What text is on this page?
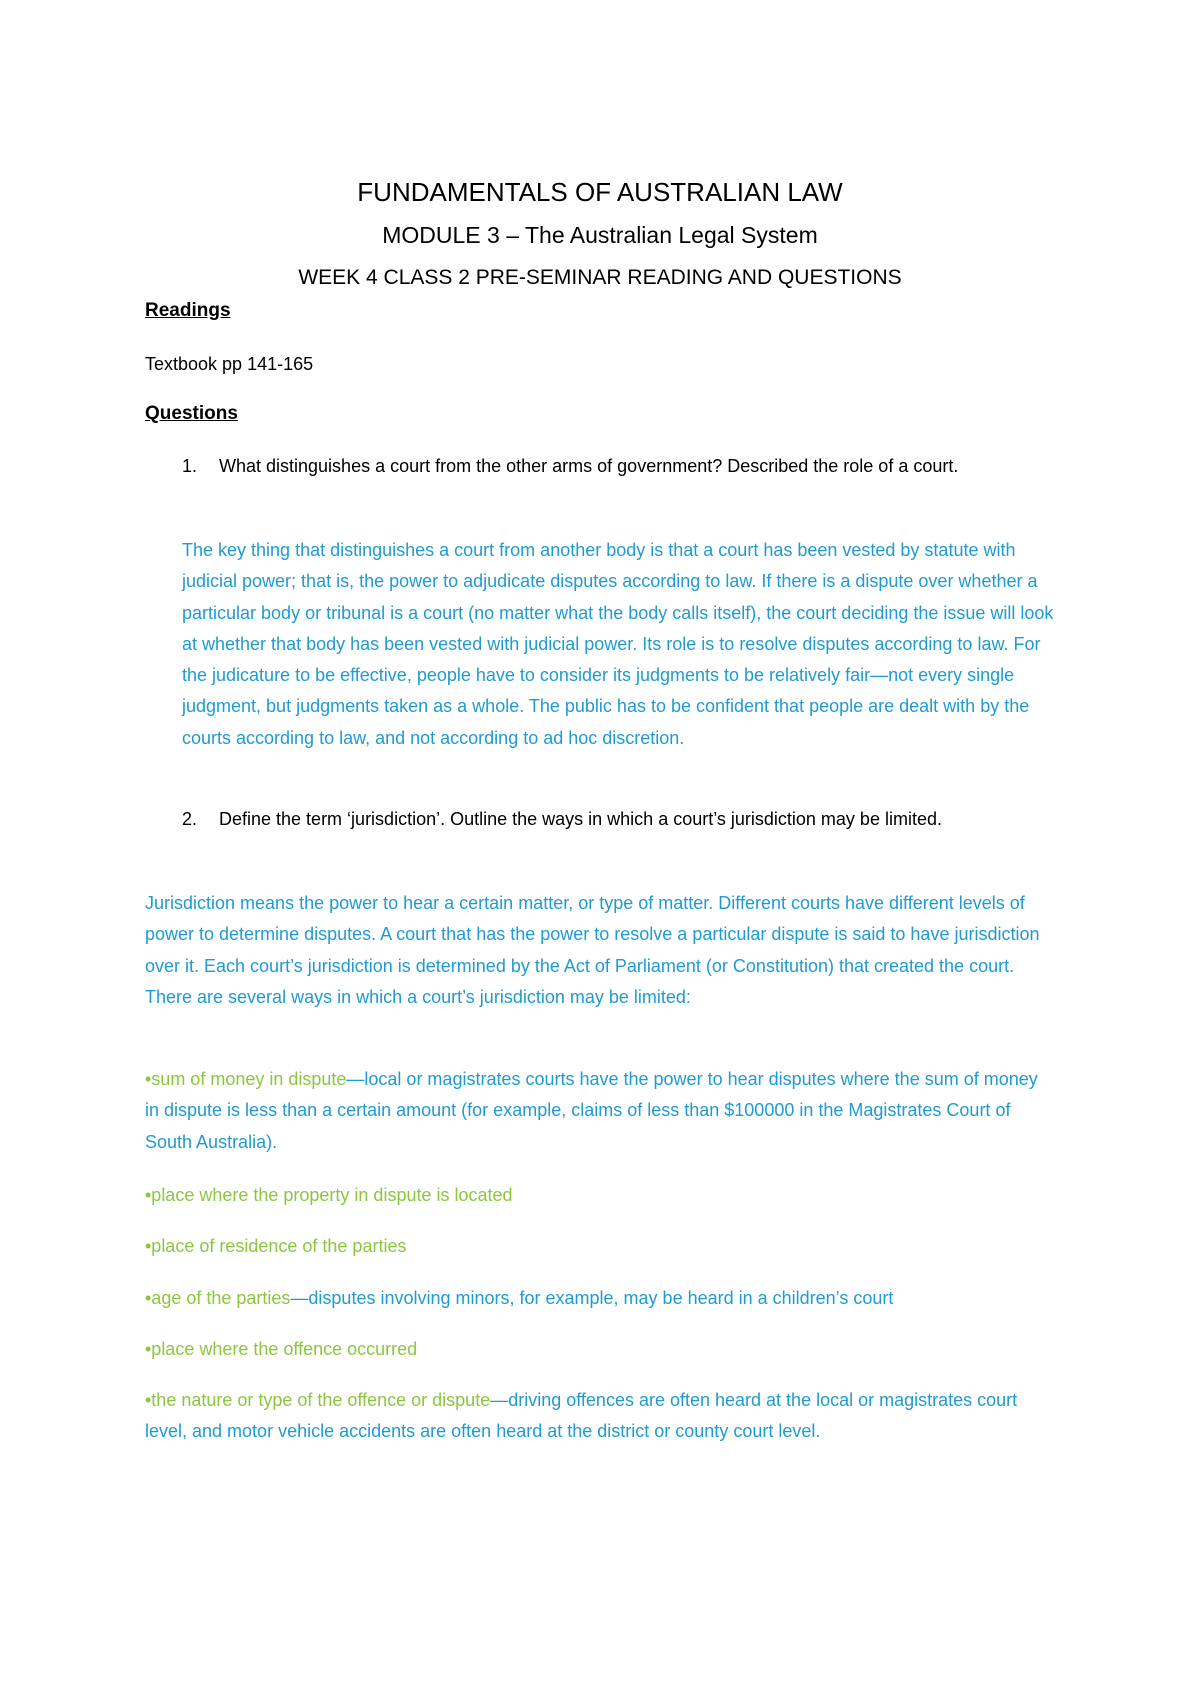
FUNDAMENTALS OF AUSTRALIAN LAW
MODULE 3 – The Australian Legal System
WEEK 4 CLASS 2 PRE-SEMINAR READING AND QUESTIONS
Readings
Textbook pp 141-165
Questions
1. What distinguishes a court from the other arms of government? Described the role of a court.
The key thing that distinguishes a court from another body is that a court has been vested by statute with judicial power; that is, the power to adjudicate disputes according to law. If there is a dispute over whether a particular body or tribunal is a court (no matter what the body calls itself), the court deciding the issue will look at whether that body has been vested with judicial power. Its role is to resolve disputes according to law. For the judicature to be effective, people have to consider its judgments to be relatively fair—not every single judgment, but judgments taken as a whole. The public has to be confident that people are dealt with by the courts according to law, and not according to ad hoc discretion.
2. Define the term ‘jurisdiction’. Outline the ways in which a court’s jurisdiction may be limited.
Jurisdiction means the power to hear a certain matter, or type of matter. Different courts have different levels of power to determine disputes. A court that has the power to resolve a particular dispute is said to have jurisdiction over it. Each court’s jurisdiction is determined by the Act of Parliament (or Constitution) that created the court. There are several ways in which a court’s jurisdiction may be limited:
•sum of money in dispute—local or magistrates courts have the power to hear disputes where the sum of money in dispute is less than a certain amount (for example, claims of less than $100000 in the Magistrates Court of South Australia).
•place where the property in dispute is located
•place of residence of the parties
•age of the parties—disputes involving minors, for example, may be heard in a children’s court
•place where the offence occurred
•the nature or type of the offence or dispute—driving offences are often heard at the local or magistrates court level, and motor vehicle accidents are often heard at the district or county court level.
